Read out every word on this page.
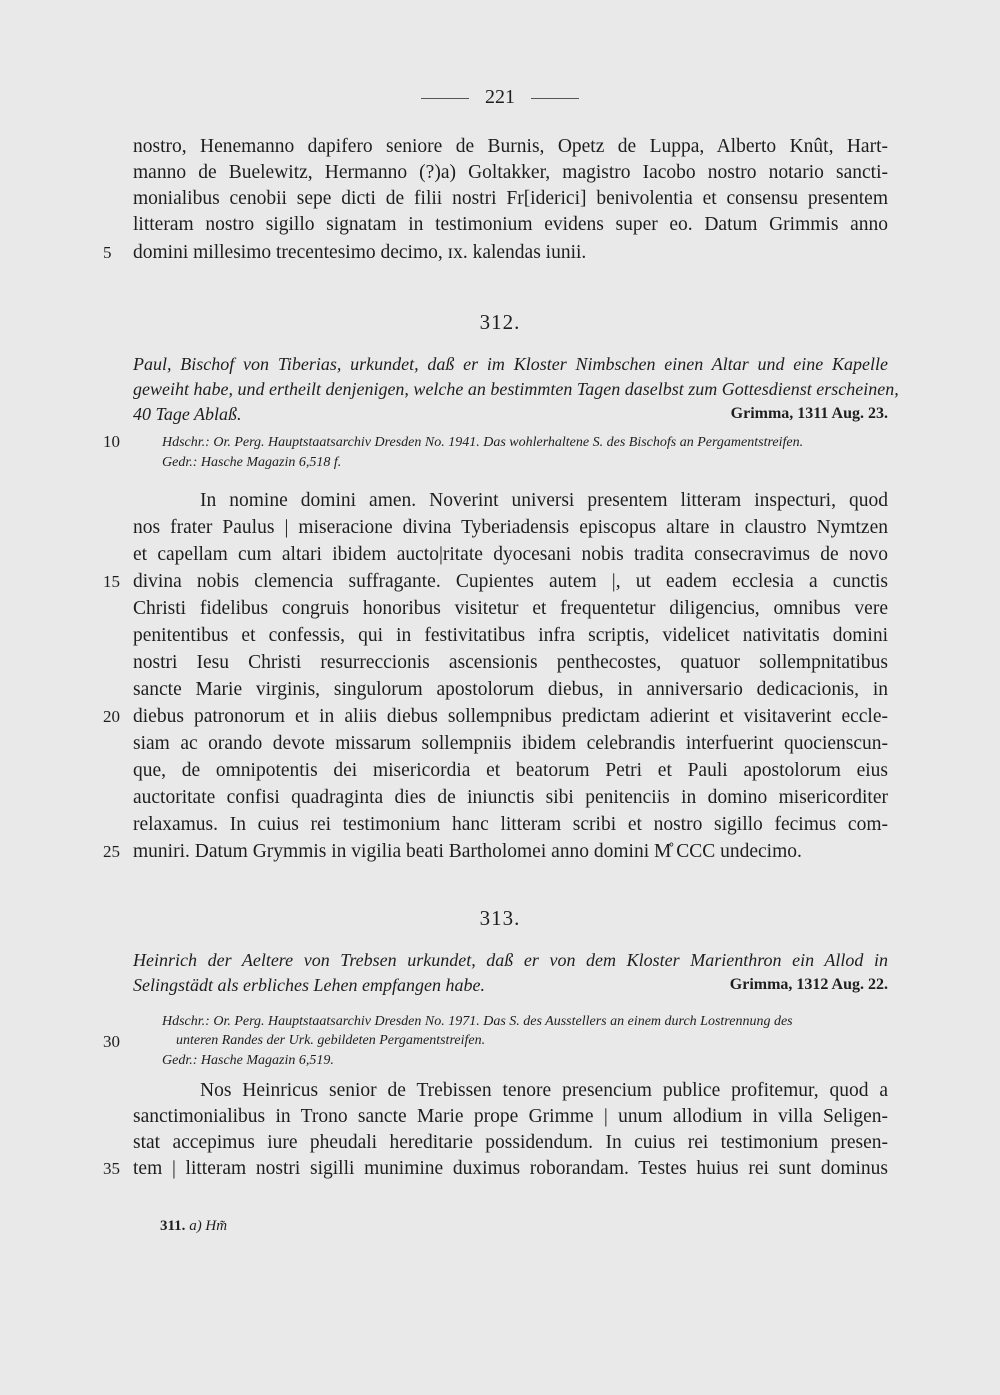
221
nostro, Henemanno dapifero seniore de Burnis, Opetz de Luppa, Alberto Knût, Hart-
manno de Buelewitz, Hermanno (?)a) Goltakker, magistro Iacobo nostro notario sancti-
monialibus cenobii sepe dicti de filii nostri Fr[iderici] benivolentia et consensu presentem
litteram nostro sigillo signatam in testimonium evidens super eo. Datum Grimmis anno
domini millesimo trecentesimo decimo, ɪx. kalendas iunii.
5
312.
Paul, Bischof von Tiberias, urkundet, daß er im Kloster Nimbschen einen Altar und eine Kapelle
geweiht habe, und ertheilt denjenigen, welche an bestimmten Tagen daselbst zum Gottesdienst erscheinen,
40 Tage Ablaß.	Grimma, 1311 Aug. 23.
10	Hdschr.: Or. Perg. Hauptstaatsarchiv Dresden No. 1941. Das wohlerhaltene S. des Bischofs an Pergamentstreifen.
Gedr.: Hasche Magazin 6,518 f.
In nomine domini amen. Noverint universi presentem litteram inspecturi, quod
nos frater Paulus | miseracione divina Tyberiadensis episcopus altare in claustro Nymtzen
et capellam cum altari ibidem aucto|ritate dyocesani nobis tradita consecravimus de novo
divina nobis clemencia suffragante. Cupientes autem |, ut eadem ecclesia a cunctis
15
Christi fidelibus congruis honoribus visitetur et frequentetur diligencius, omnibus vere
penitentibus et confessis, qui in festivitatibus infra scriptis, videlicet nativitatis domini
nostri Iesu Christi resurreccionis ascensionis penthecostes, quatuor sollempnitatibus
sancte Marie virginis, singulorum apostolorum diebus, in anniversario dedicacionis, in
diebus patronorum et in aliis diebus sollempnibus predictam adierint et visitaverint eccle-
20
siam ac orando devote missarum sollempniis ibidem celebrandis interfuerint quocienscun-
que, de omnipotentis dei misericordia et beatorum Petri et Pauli apostolorum eius
auctoritate confisi quadraginta dies de iniunctis sibi penitenciis in domino misericorditer
relaxamus. In cuius rei testimonium hanc litteram scribi et nostro sigillo fecimus com-
muniri. Datum Grymmis in vigilia beati Bartholomei anno domini M̊ CCC undecimo.
25
313.
Heinrich der Aeltere von Trebsen urkundet, daß er von dem Kloster Marienthron ein Allod in
Selingstädt als erbliches Lehen empfangen habe.	Grimma, 1312 Aug. 22.
Hdschr.: Or. Perg. Hauptstaatsarchiv Dresden No. 1971. Das S. des Ausstellers an einem durch Lostrennung des
unteren Randes der Urk. gebildeten Pergamentstreifen.
30
Gedr.: Hasche Magazin 6,519.
Nos Heinricus senior de Trebissen tenore presencium publice profitemur, quod a
sanctimonialibus in Trono sancte Marie prope Grimme | unum allodium in villa Seligen-
stat accepimus iure pheudali hereditarie possidendum. In cuius rei testimonium presen-
tem | litteram nostri sigilli munimine duximus roborandam. Testes huius rei sunt dominus
35
311. a) Hm̃
